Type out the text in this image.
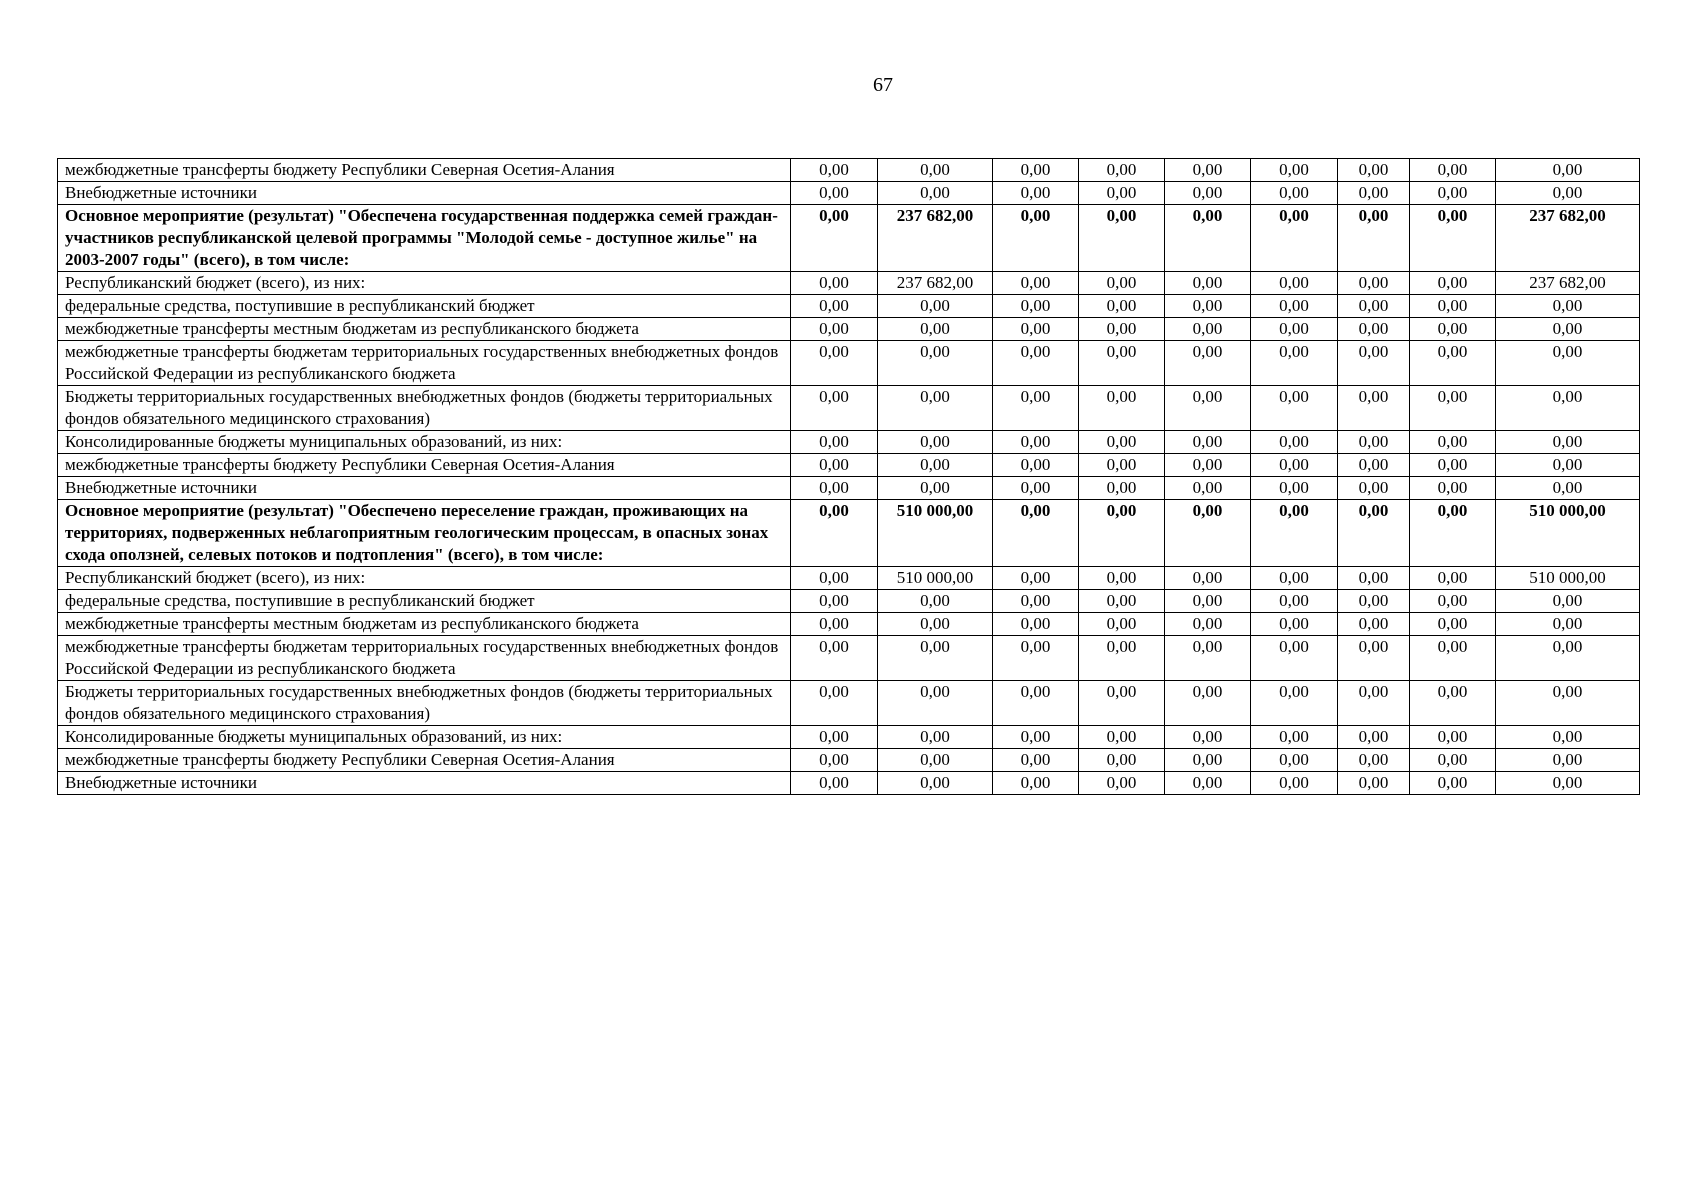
67
межбюджетные трансферты бюджету Республики Северная Осетия-Алания	0,00	0,00	0,00	0,00	0,00	0,00	0,00	0,00	0,00
Внебюджетные источники	0,00	0,00	0,00	0,00	0,00	0,00	0,00	0,00	0,00
Основное мероприятие (результат) "Обеспечена государственная поддержка семей граждан-участников республиканской целевой программы "Молодой семье - доступное жилье" на 2003-2007 годы" (всего), в том числе:	0,00	237 682,00	0,00	0,00	0,00	0,00	0,00	0,00	237 682,00
Республиканский бюджет (всего), из них:	0,00	237 682,00	0,00	0,00	0,00	0,00	0,00	0,00	237 682,00
федеральные средства, поступившие в республиканский бюджет	0,00	0,00	0,00	0,00	0,00	0,00	0,00	0,00	0,00
межбюджетные трансферты местным бюджетам из республиканского бюджета	0,00	0,00	0,00	0,00	0,00	0,00	0,00	0,00	0,00
межбюджетные трансферты бюджетам территориальных государственных внебюджетных фондов Российской Федерации из республиканского бюджета	0,00	0,00	0,00	0,00	0,00	0,00	0,00	0,00	0,00
Бюджеты территориальных государственных внебюджетных фондов (бюджеты территориальных фондов обязательного медицинского страхования)	0,00	0,00	0,00	0,00	0,00	0,00	0,00	0,00	0,00
Консолидированные бюджеты муниципальных образований, из них:	0,00	0,00	0,00	0,00	0,00	0,00	0,00	0,00	0,00
межбюджетные трансферты бюджету Республики Северная Осетия-Алания	0,00	0,00	0,00	0,00	0,00	0,00	0,00	0,00	0,00
Внебюджетные источники	0,00	0,00	0,00	0,00	0,00	0,00	0,00	0,00	0,00
Основное мероприятие (результат) "Обеспечено переселение граждан, проживающих на территориях, подверженных неблагоприятным геологическим процессам, в опасных зонах схода оползней, селевых потоков и подтопления" (всего), в том числе:	0,00	510 000,00	0,00	0,00	0,00	0,00	0,00	0,00	510 000,00
Республиканский бюджет (всего), из них:	0,00	510 000,00	0,00	0,00	0,00	0,00	0,00	0,00	510 000,00
федеральные средства, поступившие в республиканский бюджет	0,00	0,00	0,00	0,00	0,00	0,00	0,00	0,00	0,00
межбюджетные трансферты местным бюджетам из республиканского бюджета	0,00	0,00	0,00	0,00	0,00	0,00	0,00	0,00	0,00
межбюджетные трансферты бюджетам территориальных государственных внебюджетных фондов Российской Федерации из республиканского бюджета	0,00	0,00	0,00	0,00	0,00	0,00	0,00	0,00	0,00
Бюджеты территориальных государственных внебюджетных фондов (бюджеты территориальных фондов обязательного медицинского страхования)	0,00	0,00	0,00	0,00	0,00	0,00	0,00	0,00	0,00
Консолидированные бюджеты муниципальных образований, из них:	0,00	0,00	0,00	0,00	0,00	0,00	0,00	0,00	0,00
межбюджетные трансферты бюджету Республики Северная Осетия-Алания	0,00	0,00	0,00	0,00	0,00	0,00	0,00	0,00	0,00
Внебюджетные источники	0,00	0,00	0,00	0,00	0,00	0,00	0,00	0,00	0,00
